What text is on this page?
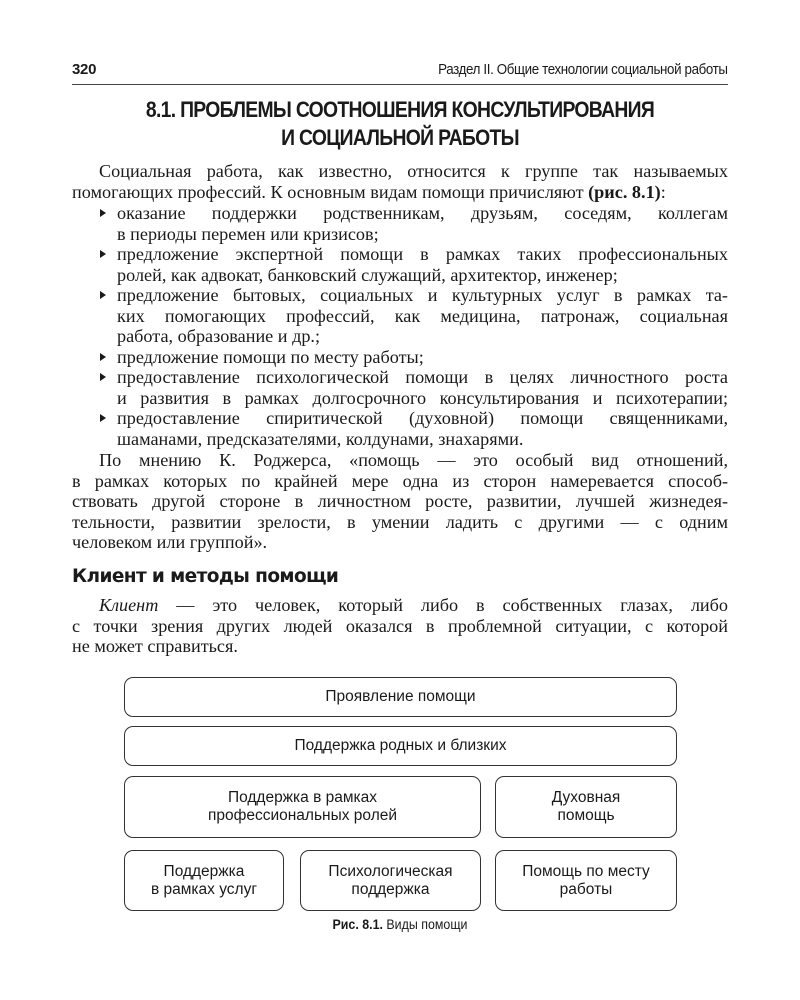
320	Раздел II. Общие технологии социальной работы
8.1. ПРОБЛЕМЫ СООТНОШЕНИЯ КОНСУЛЬТИРОВАНИЯ
И СОЦИАЛЬНОЙ РАБОТЫ
Социальная работа, как известно, относится к группе так называемых
помогающих профессий. К основным видам помощи причисляют (рис. 8.1):
оказание поддержки родственникам, друзьям, соседям, коллегам
в периоды перемен или кризисов;
предложение экспертной помощи в рамках таких профессиональных
ролей, как адвокат, банковский служащий, архитектор, инженер;
предложение бытовых, социальных и культурных услуг в рамках та-
ких помогающих профессий, как медицина, патронаж, социальная
работа, образование и др.;
предложение помощи по месту работы;
предоставление психологической помощи в целях личностного роста
и развития в рамках долгосрочного консультирования и психотерапии;
предоставление спиритической (духовной) помощи священниками,
шаманами, предсказателями, колдунами, знахарями.
По мнению К. Роджерса, «помощь — это особый вид отношений,
в рамках которых по крайней мере одна из сторон намеревается способ-
ствовать другой стороне в личностном росте, развитии, лучшей жизнедея-
тельности, развитии зрелости, в умении ладить с другими — с одним
человеком или группой».
Клиент и методы помощи
Клиент — это человек, который либо в собственных глазах, либо
с точки зрения других людей оказался в проблемной ситуации, с которой
не может справиться.
Проявление помощи
Поддержка родных и близких
Поддержка в рамках
профессиональных ролей
Духовная
помощь
Поддержка
в рамках услуг
Психологическая
поддержка
Помощь по месту
работы
Рис. 8.1. Виды помощи
